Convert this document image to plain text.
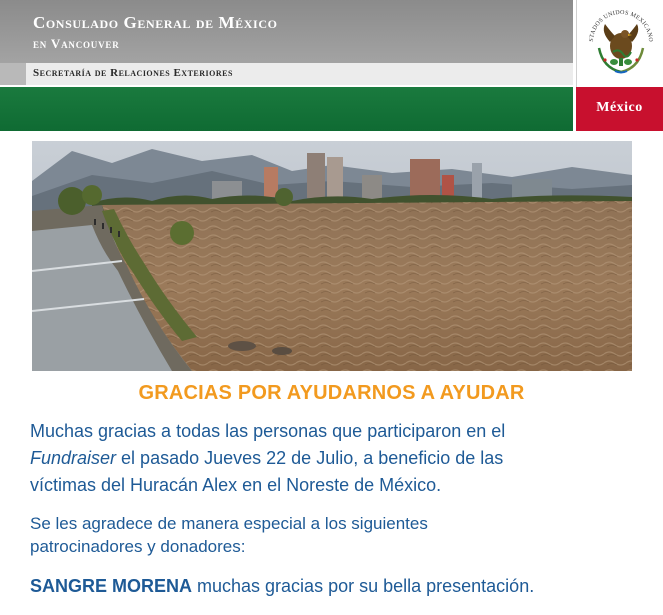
Consulado General de México
en Vancouver
Secretaría de Relaciones Exteriores
STADOS UNIDOS MEXICANO
México
GRACIAS POR AYUDARNOS A AYUDAR
Muchas gracias a todas las personas que participaron en el
Fundraiser el pasado Jueves 22 de Julio, a beneficio de las
víctimas del Huracán Alex en el Noreste de México.
Se les agradece de manera especial a los siguientes
patrocinadores y donadores:
SANGRE MORENA muchas gracias por su bella presentación.
